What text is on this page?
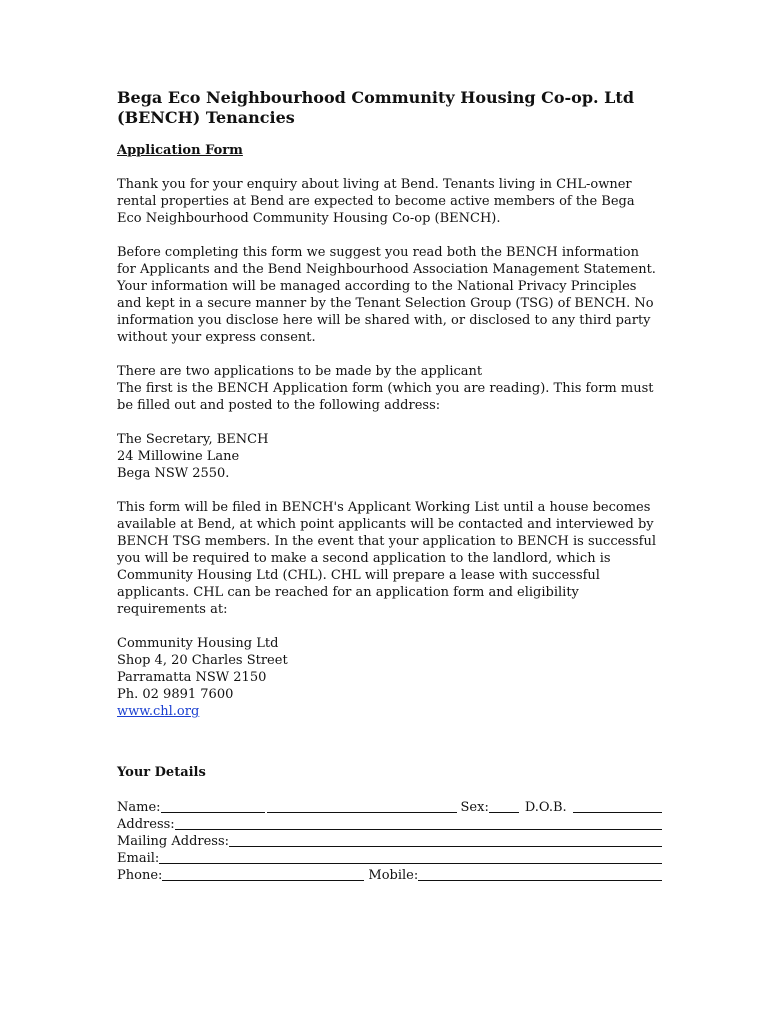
Bega Eco Neighbourhood Community Housing Co-op. Ltd
(BENCH) Tenancies
Application Form

Thank you for your enquiry about living at Bend. Tenants living in CHL-owner
rental properties at Bend are expected to become active members of the Bega
Eco Neighbourhood Community Housing Co-op (BENCH).

Before completing this form we suggest you read both the BENCH information
for Applicants and the Bend Neighbourhood Association Management Statement.
Your information will be managed according to the National Privacy Principles
and kept in a secure manner by the Tenant Selection Group (TSG) of BENCH. No
information you disclose here will be shared with, or disclosed to any third party
without your express consent.

There are two applications to be made by the applicant
The first is the BENCH Application form (which you are reading). This form must
be filled out and posted to the following address:

The Secretary, BENCH
24 Millowine Lane
Bega NSW 2550.

This form will be filed in BENCH's Applicant Working List until a house becomes
available at Bend, at which point applicants will be contacted and interviewed by
BENCH TSG members. In the event that your application to BENCH is successful
you will be required to make a second application to the landlord, which is
Community Housing Ltd (CHL). CHL will prepare a lease with successful
applicants. CHL can be reached for an application form and eligibility
requirements at:

Community Housing Ltd
Shop 4, 20 Charles Street
Parramatta NSW 2150
Ph. 02 9891 7600
www.chl.org
Your Details
Name:	Sex:	D.O.B.
Address:
Mailing Address:
Email:
Phone:	Mobile:
